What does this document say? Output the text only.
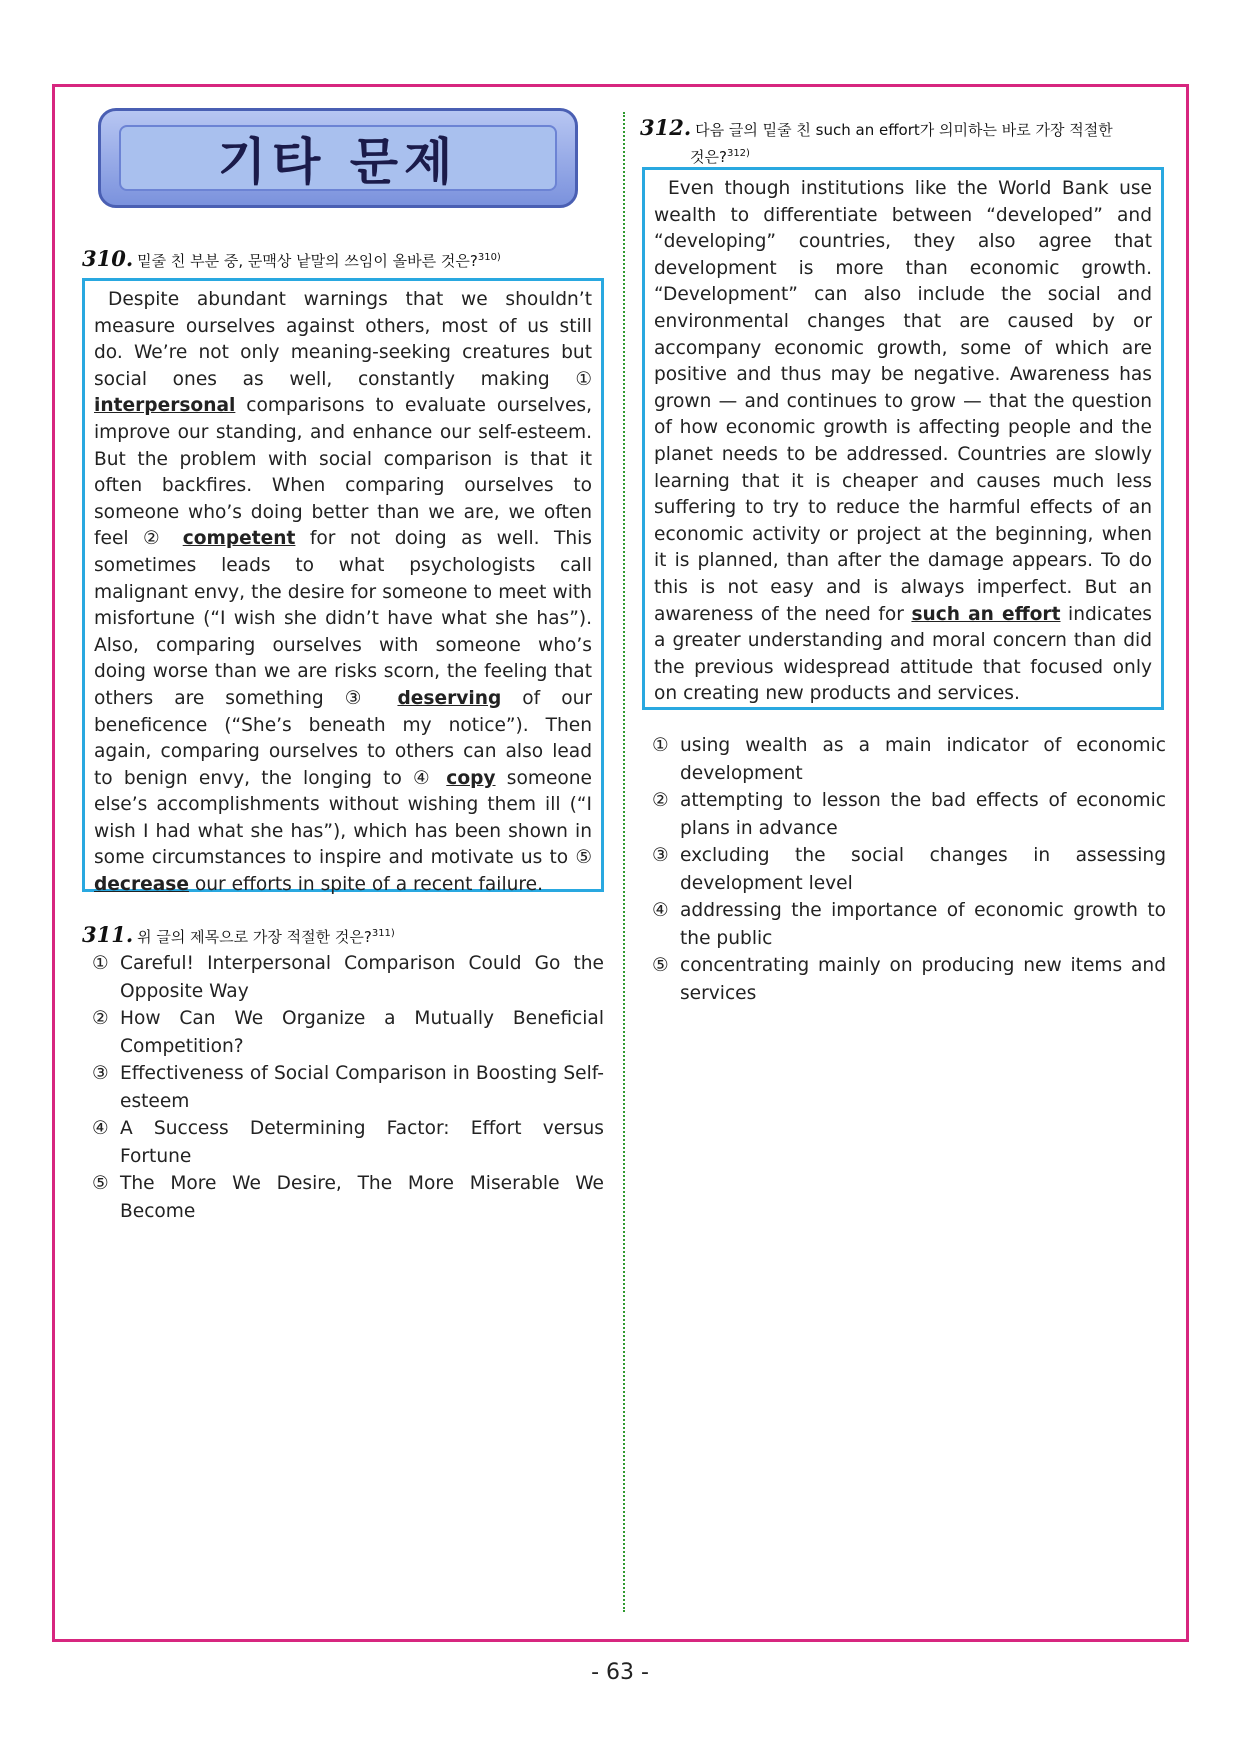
기타 문제
310. 밑줄 친 부분 중, 문맥상 낱말의 쓰임이 올바른 것은?$^{310)}$

Despite abundant warnings that we shouldn’t measure ourselves against others, most of us still do. We’re not only meaning-seeking creatures but social ones as well, constantly making ① interpersonal comparisons to evaluate ourselves, improve our standing, and enhance our self-esteem. But the problem with social comparison is that it often backfires. When comparing ourselves to someone who’s doing better than we are, we often feel ② competent for not doing as well. This sometimes leads to what psychologists call malignant envy, the desire for someone to meet with misfortune (“I wish she didn’t have what she has”). Also, comparing ourselves with someone who’s doing worse than we are risks scorn, the feeling that others are something ③ deserving of our beneficence (“She’s beneath my notice”). Then again, comparing ourselves to others can also lead to benign envy, the longing to ④ copy someone else’s accomplishments without wishing them ill (“I wish I had what she has”), which has been shown in some circumstances to inspire and motivate us to ⑤ decrease our efforts in spite of a recent failure.

311. 위 글의 제목으로 가장 적절한 것은?$^{311)}$
① Careful! Interpersonal Comparison Could Go the Opposite Way
② How Can We Organize a Mutually Beneficial Competition?
③ Effectiveness of Social Comparison in Boosting Self-esteem
④ A Success Determining Factor: Effort versus Fortune
⑤ The More We Desire, The More Miserable We Become
312. 다음 글의 밑줄 친 such an effort가 의미하는 바로 가장 적절한
것은?$^{312)}$

Even though institutions like the World Bank use wealth to differentiate between “developed” and “developing” countries, they also agree that development is more than economic growth. “Development” can also include the social and environmental changes that are caused by or accompany economic growth, some of which are positive and thus may be negative. Awareness has grown — and continues to grow — that the question of how economic growth is affecting people and the planet needs to be addressed. Countries are slowly learning that it is cheaper and causes much less suffering to try to reduce the harmful effects of an economic activity or project at the beginning, when it is planned, than after the damage appears. To do this is not easy and is always imperfect. But an awareness of the need for such an effort indicates a greater understanding and moral concern than did the previous widespread attitude that focused only on creating new products and services.

① using wealth as a main indicator of economic development
② attempting to lesson the bad effects of economic plans in advance
③ excluding the social changes in assessing development level
④ addressing the importance of economic growth to the public
⑤ concentrating mainly on producing new items and services
- 63 -
